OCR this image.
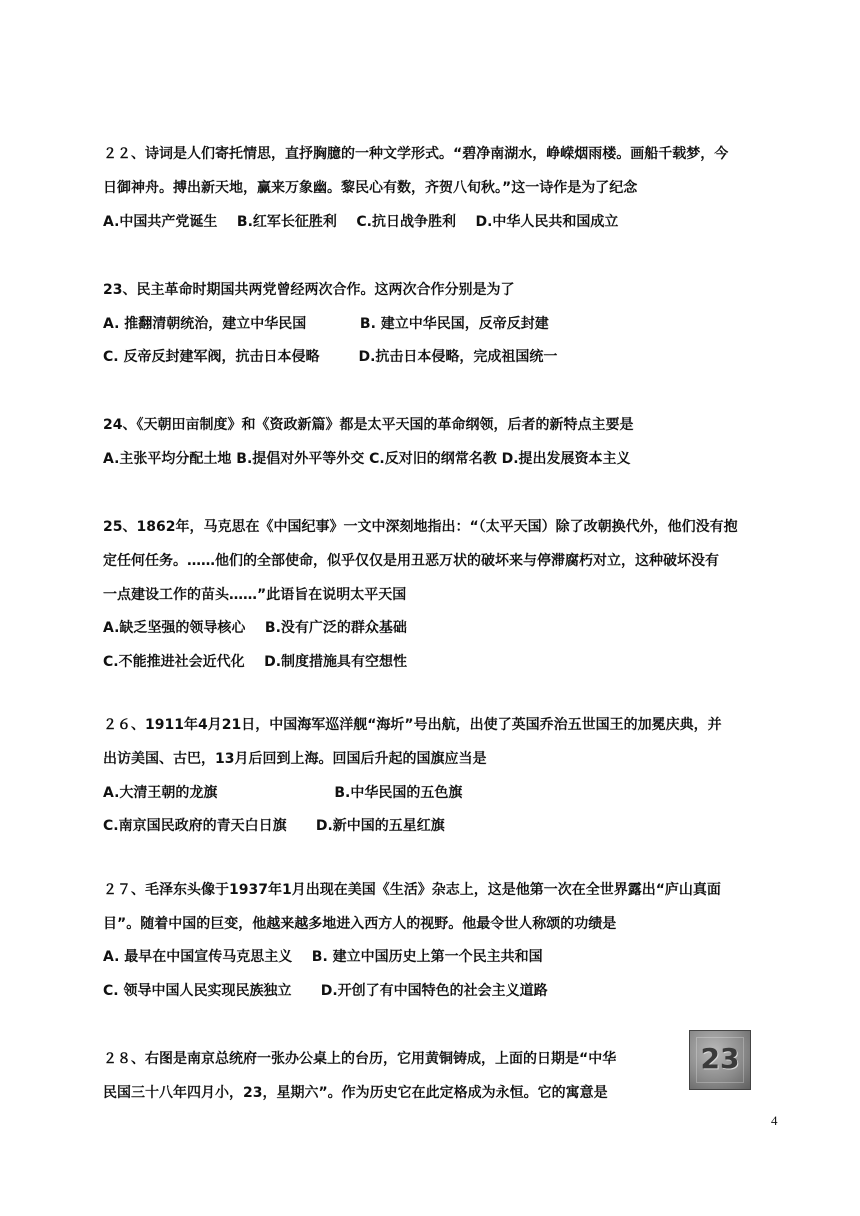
２２、诗词是人们寄托情思，直抒胸臆的一种文学形式。“碧净南湖水，峥嵘烟雨楼。画船千载梦，今
日御神舟。搏出新天地，赢来万象幽。黎民心有数，齐贺八旬秋。”这一诗作是为了纪念
A.中国共产党诞生    B.红军长征胜利    C.抗日战争胜利    D.中华人民共和国成立
23、民主革命时期国共两党曾经两次合作。这两次合作分别是为了
A. 推翻清朝统治，建立中华民国           B. 建立中华民国，反帝反封建
C. 反帝反封建军阀，抗击日本侵略        D.抗击日本侵略，完成祖国统一
24、《天朝田亩制度》和《资政新篇》都是太平天国的革命纲领，后者的新特点主要是
A.主张平均分配土地 B.提倡对外平等外交 C.反对旧的纲常名教 D.提出发展资本主义
25、1862年，马克思在《中国纪事》一文中深刻地指出：“（太平天国）除了改朝换代外，他们没有抱
定任何任务。……他们的全部使命，似乎仅仅是用丑恶万状的破坏来与停滞腐朽对立，这种破坏没有
一点建设工作的苗头……”此语旨在说明太平天国
A.缺乏坚强的领导核心    B.没有广泛的群众基础
C.不能推进社会近代化    D.制度措施具有空想性
２６、1911年4月21日，中国海军巡洋舰“海圻”号出航，出使了英国乔治五世国王的加冕庆典，并
出访美国、古巴，13月后回到上海。回国后升起的国旗应当是
A.大清王朝的龙旗                        B.中华民国的五色旗
C.南京国民政府的青天白日旗      D.新中国的五星红旗
２７、毛泽东头像于1937年1月出现在美国《生活》杂志上，这是他第一次在全世界露出“庐山真面
目”。随着中国的巨变，他越来越多地进入西方人的视野。他最令世人称颂的功绩是
A. 最早在中国宣传马克思主义    B. 建立中国历史上第一个民主共和国
C. 领导中国人民实现民族独立      D.开创了有中国特色的社会主义道路
２８、右图是南京总统府一张办公桌上的台历，它用黄铜铸成，上面的日期是“中华
民国三十八年四月小，23，星期六”。作为历史它在此定格成为永恒。它的寓意是
23
4
